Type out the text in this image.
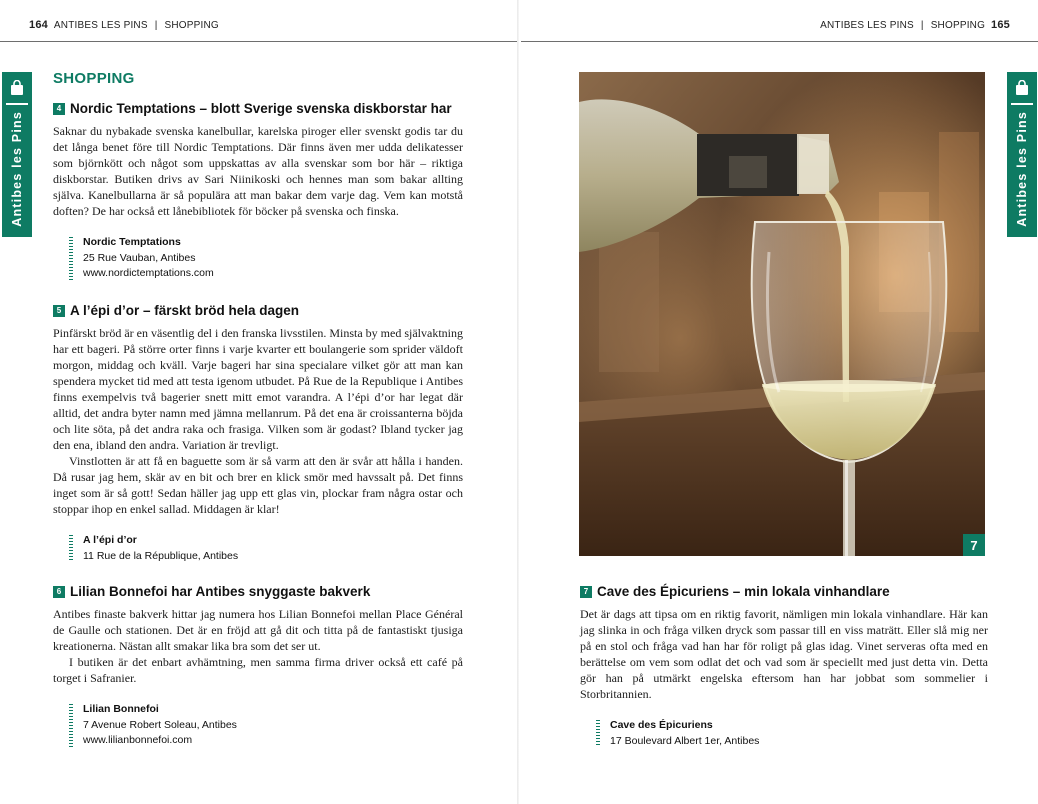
164 ANTIBES LES PINS | SHOPPING
Antibes les Pins
SHOPPING
4 Nordic Temptations – blott Sverige svenska diskborstar har

Saknar du nybakade svenska kanelbullar, karelska piroger eller svenskt godis tar du det långa benet före till Nordic Temptations. Där finns även mer udda delikatesser som björnkött och något som uppskattas av alla svenskar som bor här – riktiga diskborstar. Butiken drivs av Sari Niinikoski och hennes man som bakar allting själva. Kanelbullarna är så populära att man bakar dem varje dag. Vem kan motstå doften? De har också ett lånebibliotek för böcker på svenska och finska.

Nordic Temptations
25 Rue Vauban, Antibes
www.nordictemptations.com
5 A l’épi d’or – färskt bröd hela dagen

Pinfärskt bröd är en väsentlig del i den franska livsstilen. Minsta by med självaktning har ett bageri. På större orter finns i varje kvarter ett boulangerie som sprider väldoft morgon, middag och kväll. Varje bageri har sina specialare vilket gör att man kan spendera mycket tid med att testa igenom utbudet. På Rue de la Republique i Antibes finns exempelvis två bagerier snett mitt emot varandra. A l’épi d’or har legat där alltid, det andra byter namn med jämna mellanrum. På det ena är croissanterna böjda och lite söta, på det andra raka och frasiga. Vilken som är godast? Ibland tycker jag den ena, ibland den andra. Variation är trevligt.

Vinstlotten är att få en baguette som är så varm att den är svår att hålla i handen. Då rusar jag hem, skär av en bit och brer en klick smör med havssalt på. Det finns inget som är så gott! Sedan häller jag upp ett glas vin, plockar fram några ostar och stoppar ihop en enkel sallad. Middagen är klar!

A l’épi d’or
11 Rue de la République, Antibes
6 Lilian Bonnefoi har Antibes snyggaste bakverk

Antibes finaste bakverk hittar jag numera hos Lilian Bonnefoi mellan Place Général de Gaulle och stationen. Det är en fröjd att gå dit och titta på de fantastiskt tjusiga kreationerna. Nästan allt smakar lika bra som det ser ut.

I butiken är det enbart avhämtning, men samma firma driver också ett café på torget i Safranier.

Lilian Bonnefoi
7 Avenue Robert Soleau, Antibes
www.lilianbonnefoi.com
ANTIBES LES PINS | SHOPPING 165
Antibes les Pins
7
7 Cave des Épicuriens – min lokala vinhandlare

Det är dags att tipsa om en riktig favorit, nämligen min lokala vinhandlare. Här kan jag slinka in och fråga vilken dryck som passar till en viss maträtt. Eller slå mig ner på en stol och fråga vad han har för roligt på glas idag. Vinet serveras ofta med en berättelse om vem som odlat det och vad som är speciellt med just detta vin. Detta gör han på utmärkt engelska eftersom han har jobbat som sommelier i Storbritannien.

Cave des Épicuriens
17 Boulevard Albert 1er, Antibes
